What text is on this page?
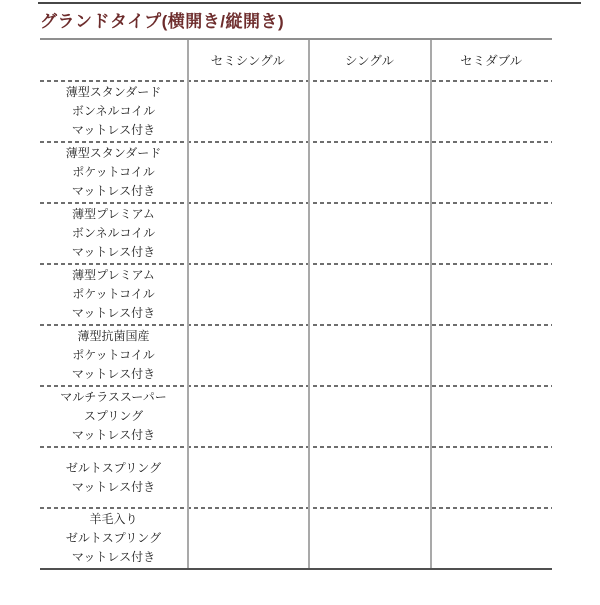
グランドタイプ(横開き/縦開き)
セミシングル	シングル	セミダブル
薄型スタンダード
ボンネルコイル
マットレス付き
薄型スタンダード
ポケットコイル
マットレス付き
薄型プレミアム
ボンネルコイル
マットレス付き
薄型プレミアム
ポケットコイル
マットレス付き
薄型抗菌国産
ポケットコイル
マットレス付き
マルチラススーパー
スプリング
マットレス付き
ゼルトスプリング
マットレス付き
羊毛入り
ゼルトスプリング
マットレス付き
